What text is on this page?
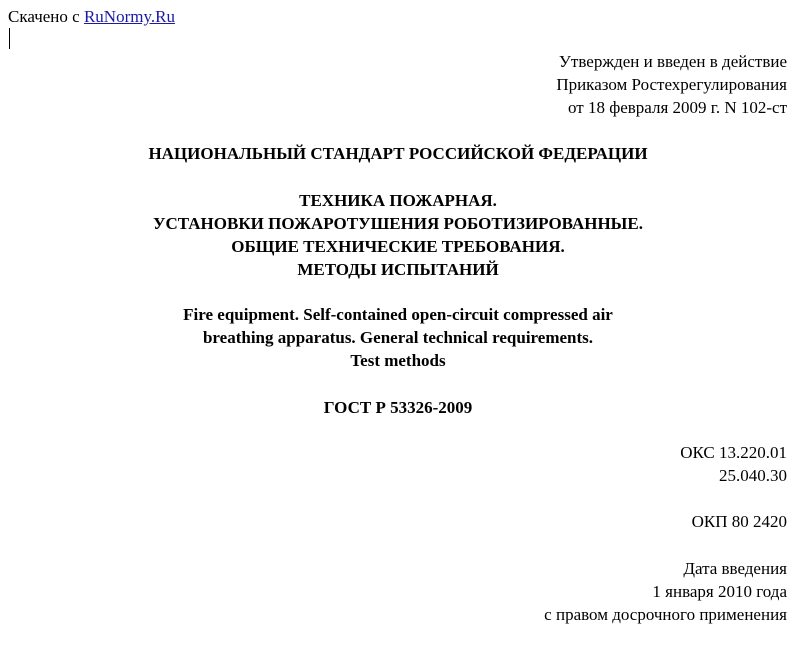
Скачено с RuNormy.Ru
Утвержден и введен в действие
Приказом Ростехрегулирования
от 18 февраля 2009 г. N 102-ст
НАЦИОНАЛЬНЫЙ СТАНДАРТ РОССИЙСКОЙ ФЕДЕРАЦИИ
ТЕХНИКА ПОЖАРНАЯ.
УСТАНОВКИ ПОЖАРОТУШЕНИЯ РОБОТИЗИРОВАННЫЕ.
ОБЩИЕ ТЕХНИЧЕСКИЕ ТРЕБОВАНИЯ.
МЕТОДЫ ИСПЫТАНИЙ
Fire equipment. Self-contained open-circuit compressed air
breathing apparatus. General technical requirements.
Test methods
ГОСТ Р 53326-2009
ОКС 13.220.01
25.040.30
ОКП 80 2420
Дата введения
1 января 2010 года
с правом досрочного применения
